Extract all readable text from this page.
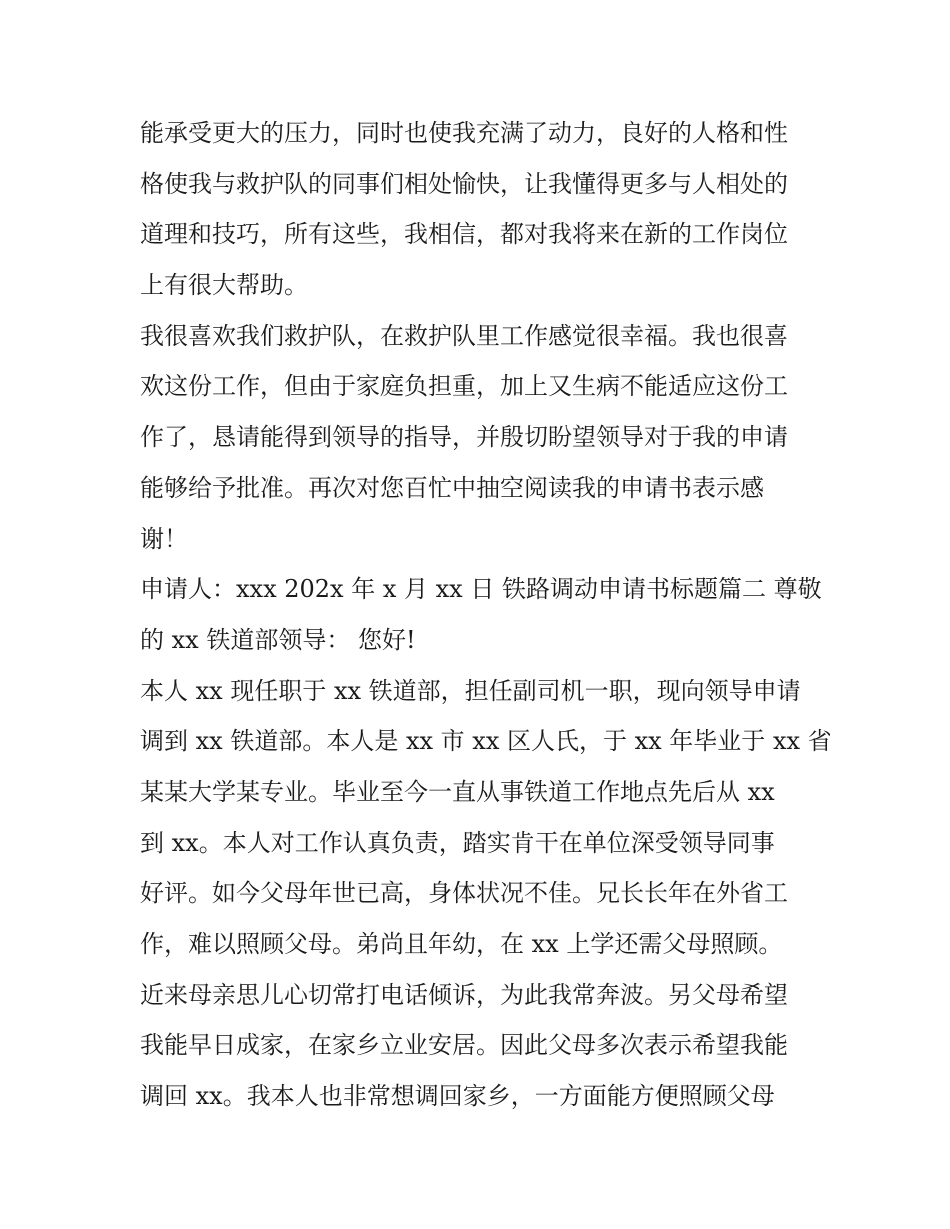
能承受更大的压力，同时也使我充满了动力，良好的人格和性
格使我与救护队的同事们相处愉快，让我懂得更多与人相处的
道理和技巧，所有这些，我相信，都对我将来在新的工作岗位
上有很大帮助。
我很喜欢我们救护队，在救护队里工作感觉很幸福。我也很喜
欢这份工作，但由于家庭负担重，加上又生病不能适应这份工
作了，恳请能得到领导的指导，并殷切盼望领导对于我的申请
能够给予批准。再次对您百忙中抽空阅读我的申请书表示感
谢！
申请人：xxx 202x 年 x 月 xx 日 铁路调动申请书标题篇二 尊敬
的 xx 铁道部领导： 您好!
本人 xx 现任职于 xx 铁道部，担任副司机一职，现向领导申请
调到 xx 铁道部。本人是 xx 市 xx 区人氏，于 xx 年毕业于 xx 省
某某大学某专业。毕业至今一直从事铁道工作地点先后从 xx
到 xx。本人对工作认真负责，踏实肯干在单位深受领导同事
好评。如今父母年世已高，身体状况不佳。兄长长年在外省工
作，难以照顾父母。弟尚且年幼，在 xx 上学还需父母照顾。
近来母亲思儿心切常打电话倾诉，为此我常奔波。另父母希望
我能早日成家，在家乡立业安居。因此父母多次表示希望我能
调回 xx。我本人也非常想调回家乡，一方面能方便照顾父母
